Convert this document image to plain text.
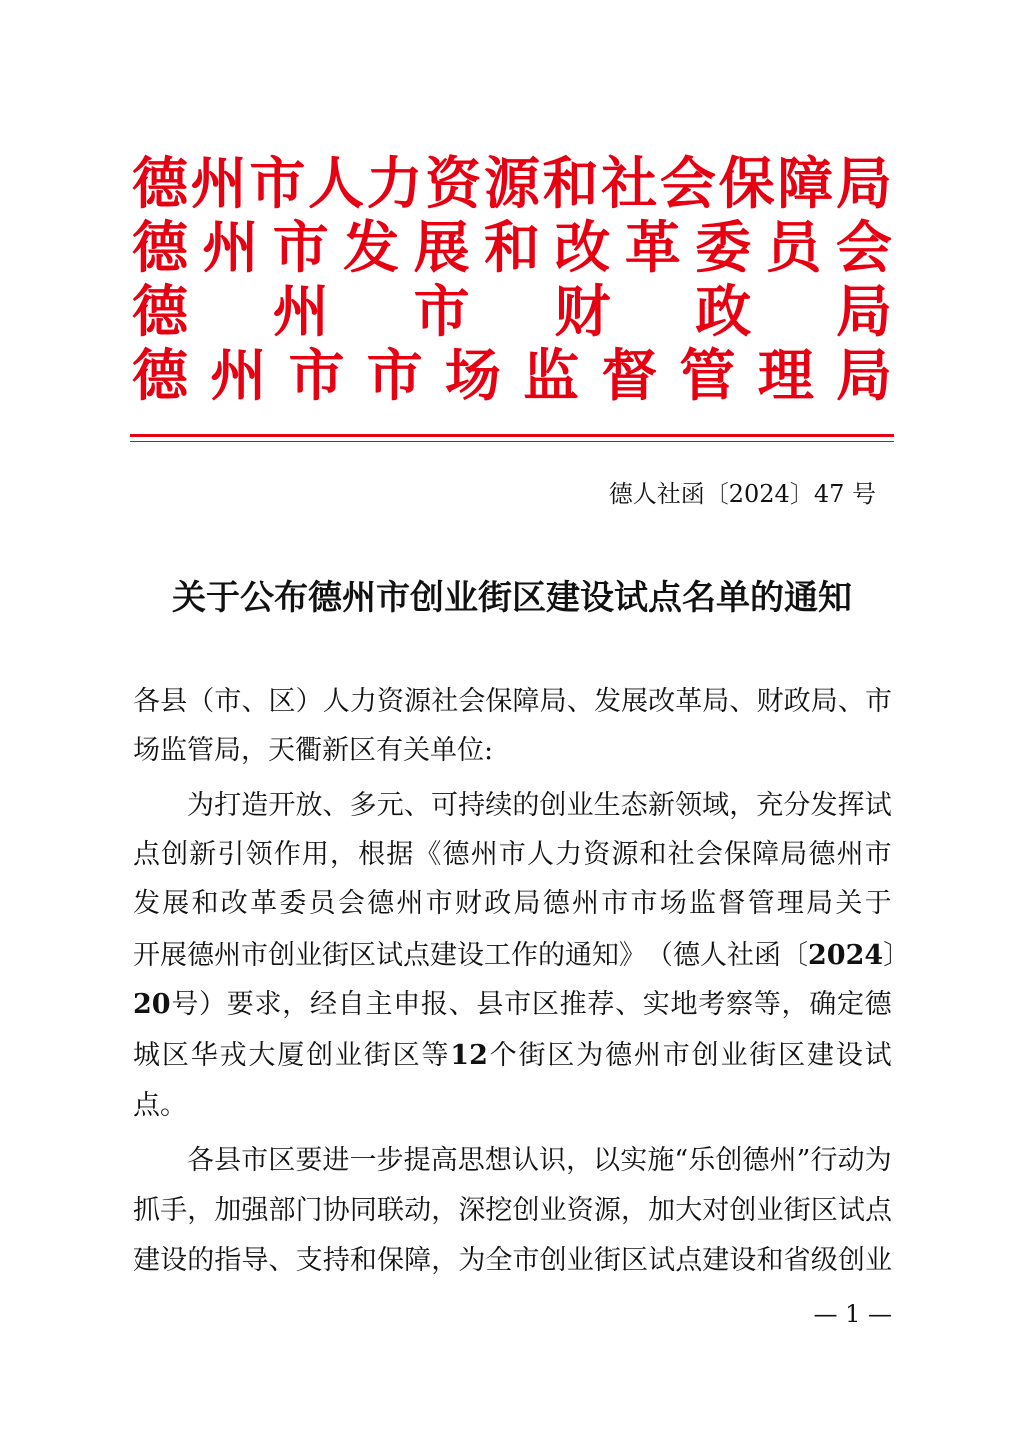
德 州 市 人 力 资 源 和 社 会 保 障 局
德 州 市 发 展 和 改 革 委 员 会
德 州 市 财 政 局
德 州 市 市 场 监 督 管 理 局
德人社函〔2024〕47 号
关于公布德州市创业街区建设试点名单的通知
各 县 （ 市 、 区 ） 人 力 资 源 社 会 保 障 局 、 发 展 改 革 局 、 财 政 局 、 市
场监管局，天衢新区有关单位:
为 打 造 开 放 、 多 元 、 可 持 续 的 创 业 生 态 新 领 域 ， 充 分 发 挥 试
点 创 新 引 领 作 用 ， 根 据 《 德 州 市 人 力 资 源 和 社 会 保 障 局 德 州 市
发 展 和 改 革 委 员 会 德 州 市 财 政 局 德 州 市 市 场 监 督 管 理 局 关 于
开 展 德 州 市 创 业 街 区 试 点 建 设 工 作 的 通 知 》 （ 德 人 社 函 〔 2024 〕
20 号 ） 要 求 ， 经 自 主 申 报 、 县 市 区 推 荐 、 实 地 考 察 等 ， 确 定 德
城 区 华 戎 大 厦 创 业 街 区 等 12 个 街 区 为 德 州 市 创 业 街 区 建 设 试
点。
各 县 市 区 要 进 一 步 提 高 思 想 认 识 ， 以 实 施 “ 乐 创 德 州 ” 行 动 为
抓 手 ， 加 强 部 门 协 同 联 动 ， 深 挖 创 业 资 源 ， 加 大 对 创 业 街 区 试 点
建 设 的 指 导 、 支 持 和 保 障 ， 为 全 市 创 业 街 区 试 点 建 设 和 省 级 创 业
— 1 —
